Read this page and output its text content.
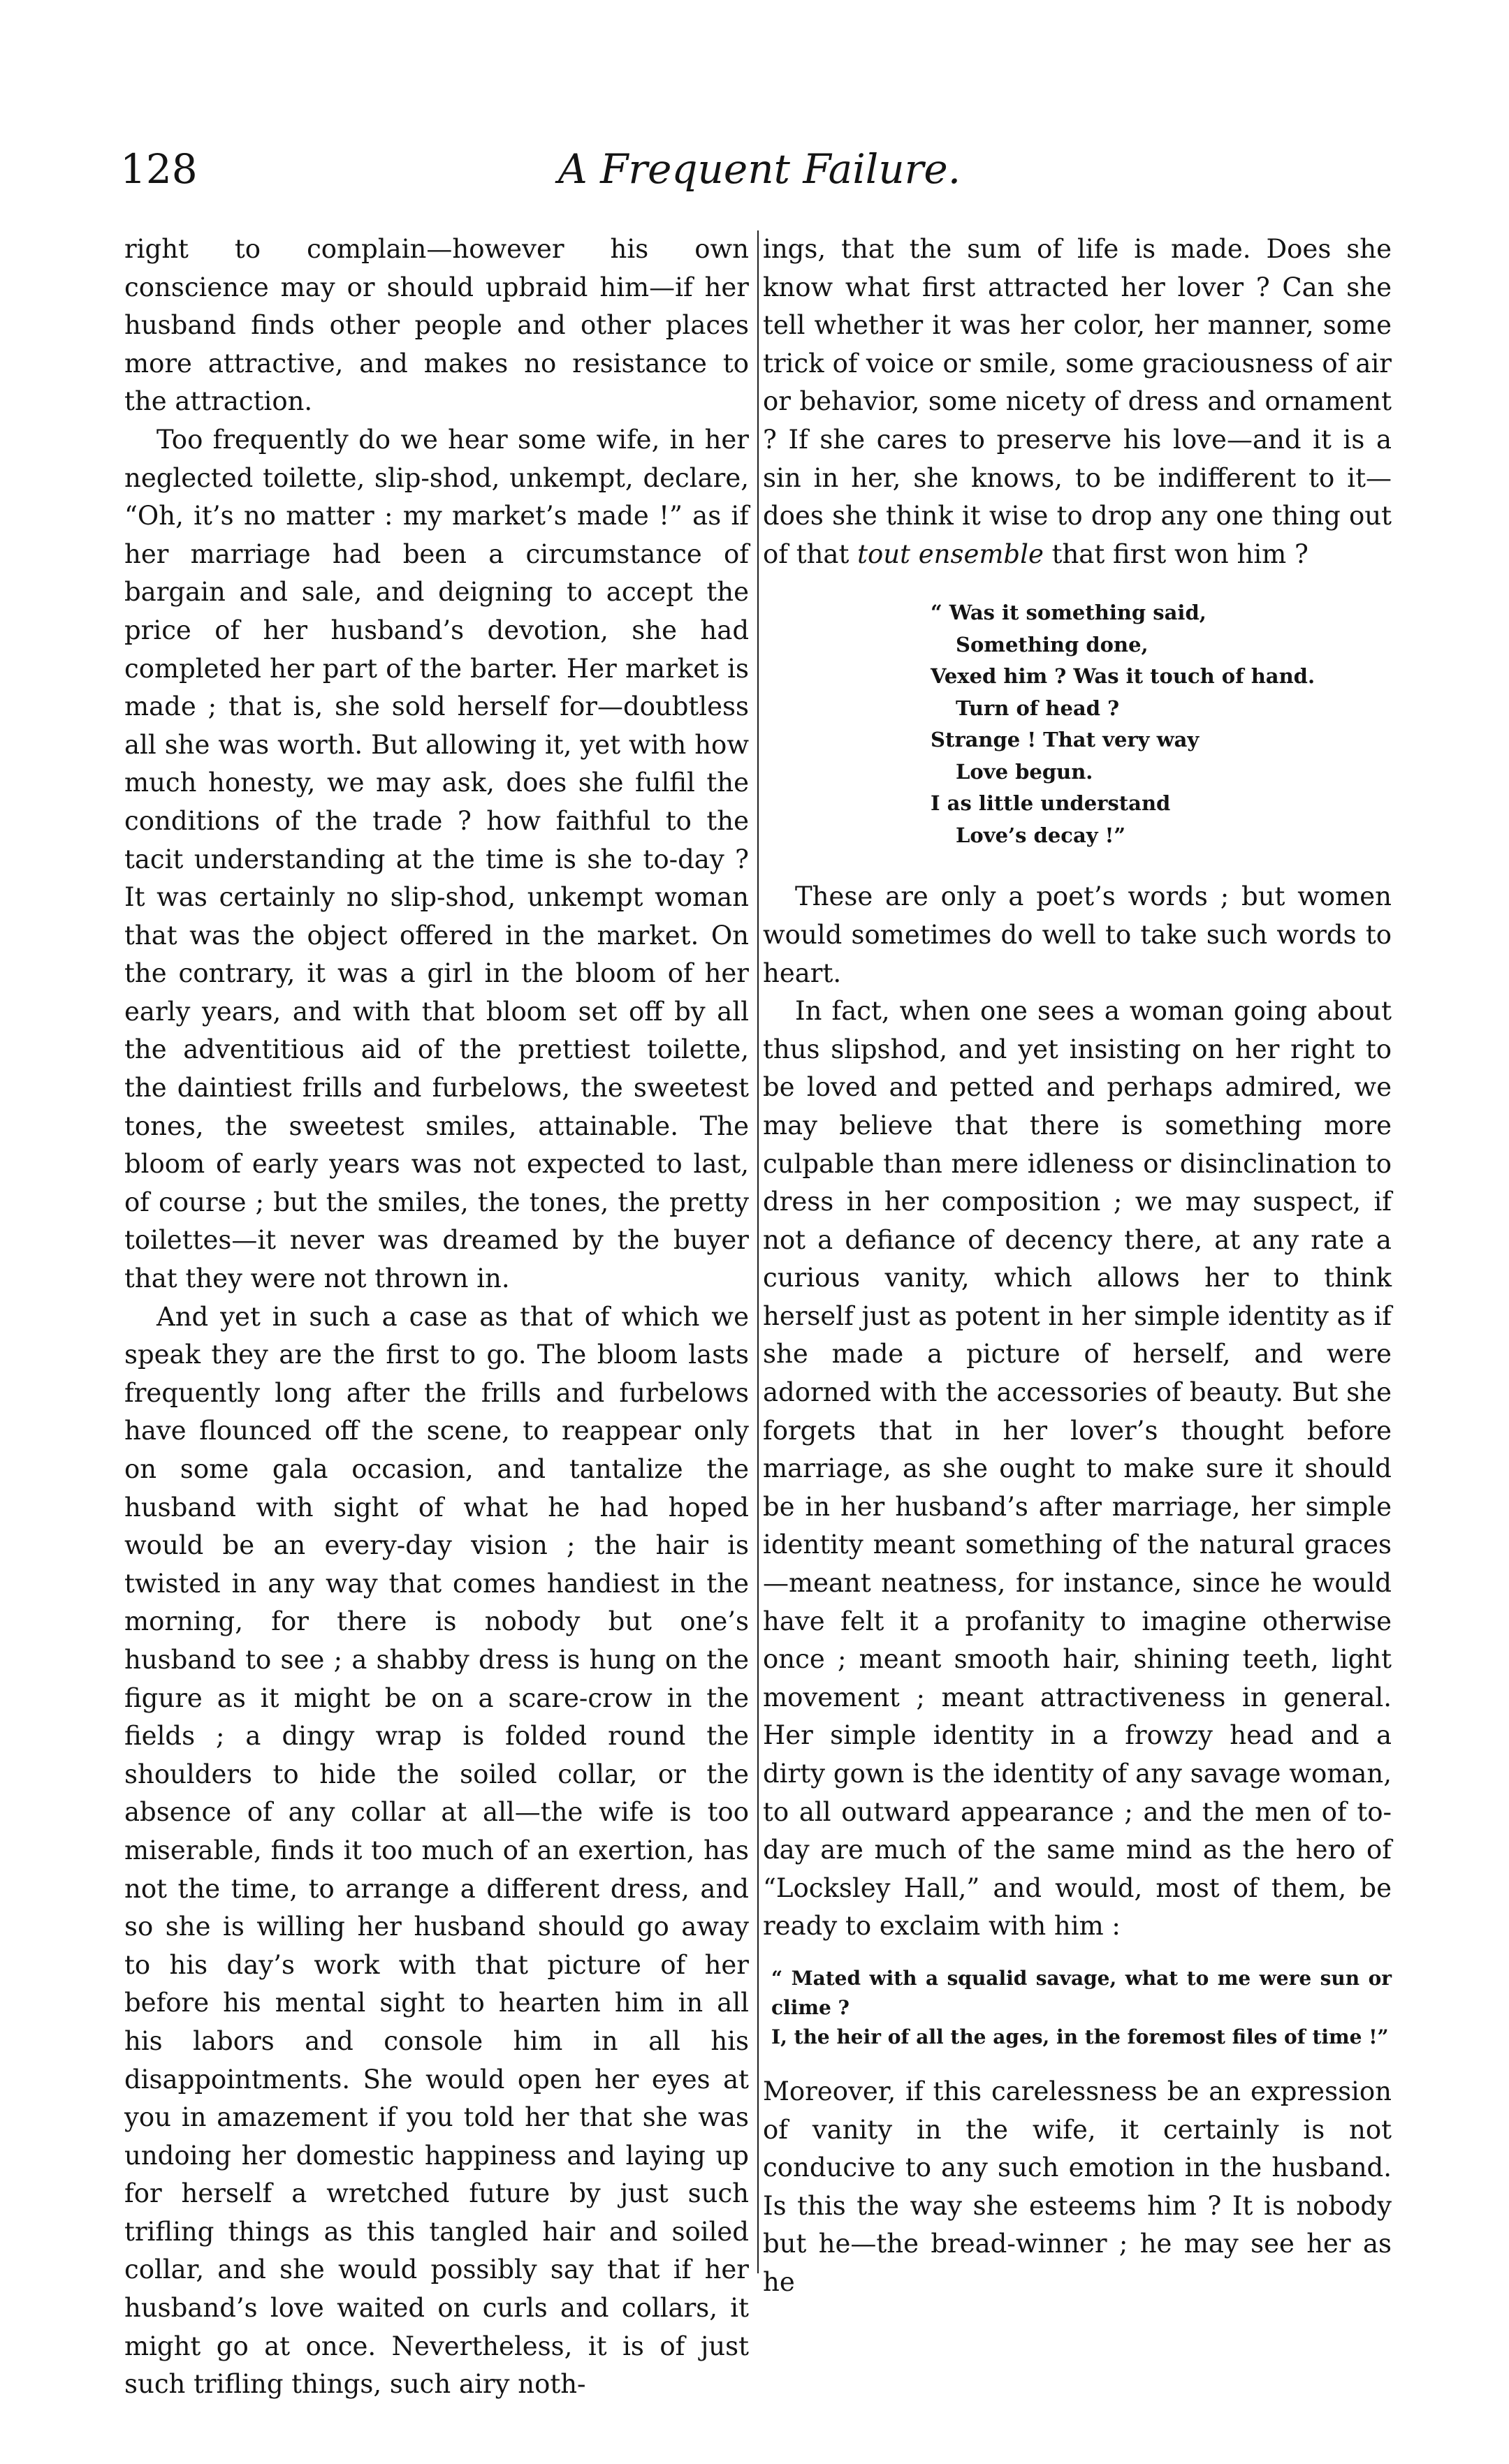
128	A Frequent Failure.

right to complain—however his own conscience may or should upbraid him—if her husband finds other people and other places more attractive, and makes no resistance to the attraction.

Too frequently do we hear some wife, in her neglected toilette, slip-shod, unkempt, declare, “Oh, it’s no matter : my market’s made !” as if her marriage had been a circumstance of bargain and sale, and deigning to accept the price of her husband’s devotion, she had completed her part of the barter. Her market is made ; that is, she sold herself for—doubtless all she was worth. But allowing it, yet with how much honesty, we may ask, does she fulfil the conditions of the trade ? how faithful to the tacit understanding at the time is she to-day ? It was certainly no slip-shod, unkempt woman that was the object offered in the market. On the contrary, it was a girl in the bloom of her early years, and with that bloom set off by all the adventitious aid of the prettiest toilette, the daintiest frills and furbelows, the sweetest tones, the sweetest smiles, attainable. The bloom of early years was not expected to last, of course ; but the smiles, the tones, the pretty toilettes—it never was dreamed by the buyer that they were not thrown in.

And yet in such a case as that of which we speak they are the first to go. The bloom lasts frequently long after the frills and furbelows have flounced off the scene, to reappear only on some gala occasion, and tantalize the husband with sight of what he had hoped would be an every-day vision ; the hair is twisted in any way that comes handiest in the morning, for there is nobody but one’s husband to see ; a shabby dress is hung on the figure as it might be on a scare-crow in the fields ; a dingy wrap is folded round the shoulders to hide the soiled collar, or the absence of any collar at all—the wife is too miserable, finds it too much of an exertion, has not the time, to arrange a different dress, and so she is willing her husband should go away to his day’s work with that picture of her before his mental sight to hearten him in all his labors and console him in all his disappointments. She would open her eyes at you in amazement if you told her that she was undoing her domestic happiness and laying up for herself a wretched future by just such trifling things as this tangled hair and soiled collar, and she would possibly say that if her husband’s love waited on curls and collars, it might go at once. Nevertheless, it is of just such trifling things, such airy noth-

ings, that the sum of life is made. Does she know what first attracted her lover ? Can she tell whether it was her color, her manner, some trick of voice or smile, some graciousness of air or behavior, some nicety of dress and ornament ? If she cares to preserve his love—and it is a sin in her, she knows, to be indifferent to it—does she think it wise to drop any one thing out of that tout ensemble that first won him ?

“ Was it something said,
Something done,
Vexed him ? Was it touch of hand.
Turn of head ?
Strange ! That very way
Love begun.
I as little understand
Love’s decay !”

These are only a poet’s words ; but women would sometimes do well to take such words to heart.

In fact, when one sees a woman going about thus slipshod, and yet insisting on her right to be loved and petted and perhaps admired, we may believe that there is something more culpable than mere idleness or disinclination to dress in her composition ; we may suspect, if not a defiance of decency there, at any rate a curious vanity, which allows her to think herself just as potent in her simple identity as if she made a picture of herself, and were adorned with the accessories of beauty. But she forgets that in her lover’s thought before marriage, as she ought to make sure it should be in her husband’s after marriage, her simple identity meant something of the natural graces—meant neatness, for instance, since he would have felt it a profanity to imagine otherwise once ; meant smooth hair, shining teeth, light movement ; meant attractiveness in general. Her simple identity in a frowzy head and a dirty gown is the identity of any savage woman, to all outward appearance ; and the men of to-day are much of the same mind as the hero of “Locksley Hall,” and would, most of them, be ready to exclaim with him :

“ Mated with a squalid savage, what to me were sun or clime ?
I, the heir of all the ages, in the foremost files of time !”

Moreover, if this carelessness be an expression of vanity in the wife, it certainly is not conducive to any such emotion in the husband. Is this the way she esteems him ? It is nobody but he—the bread-winner ; he may see her as he
